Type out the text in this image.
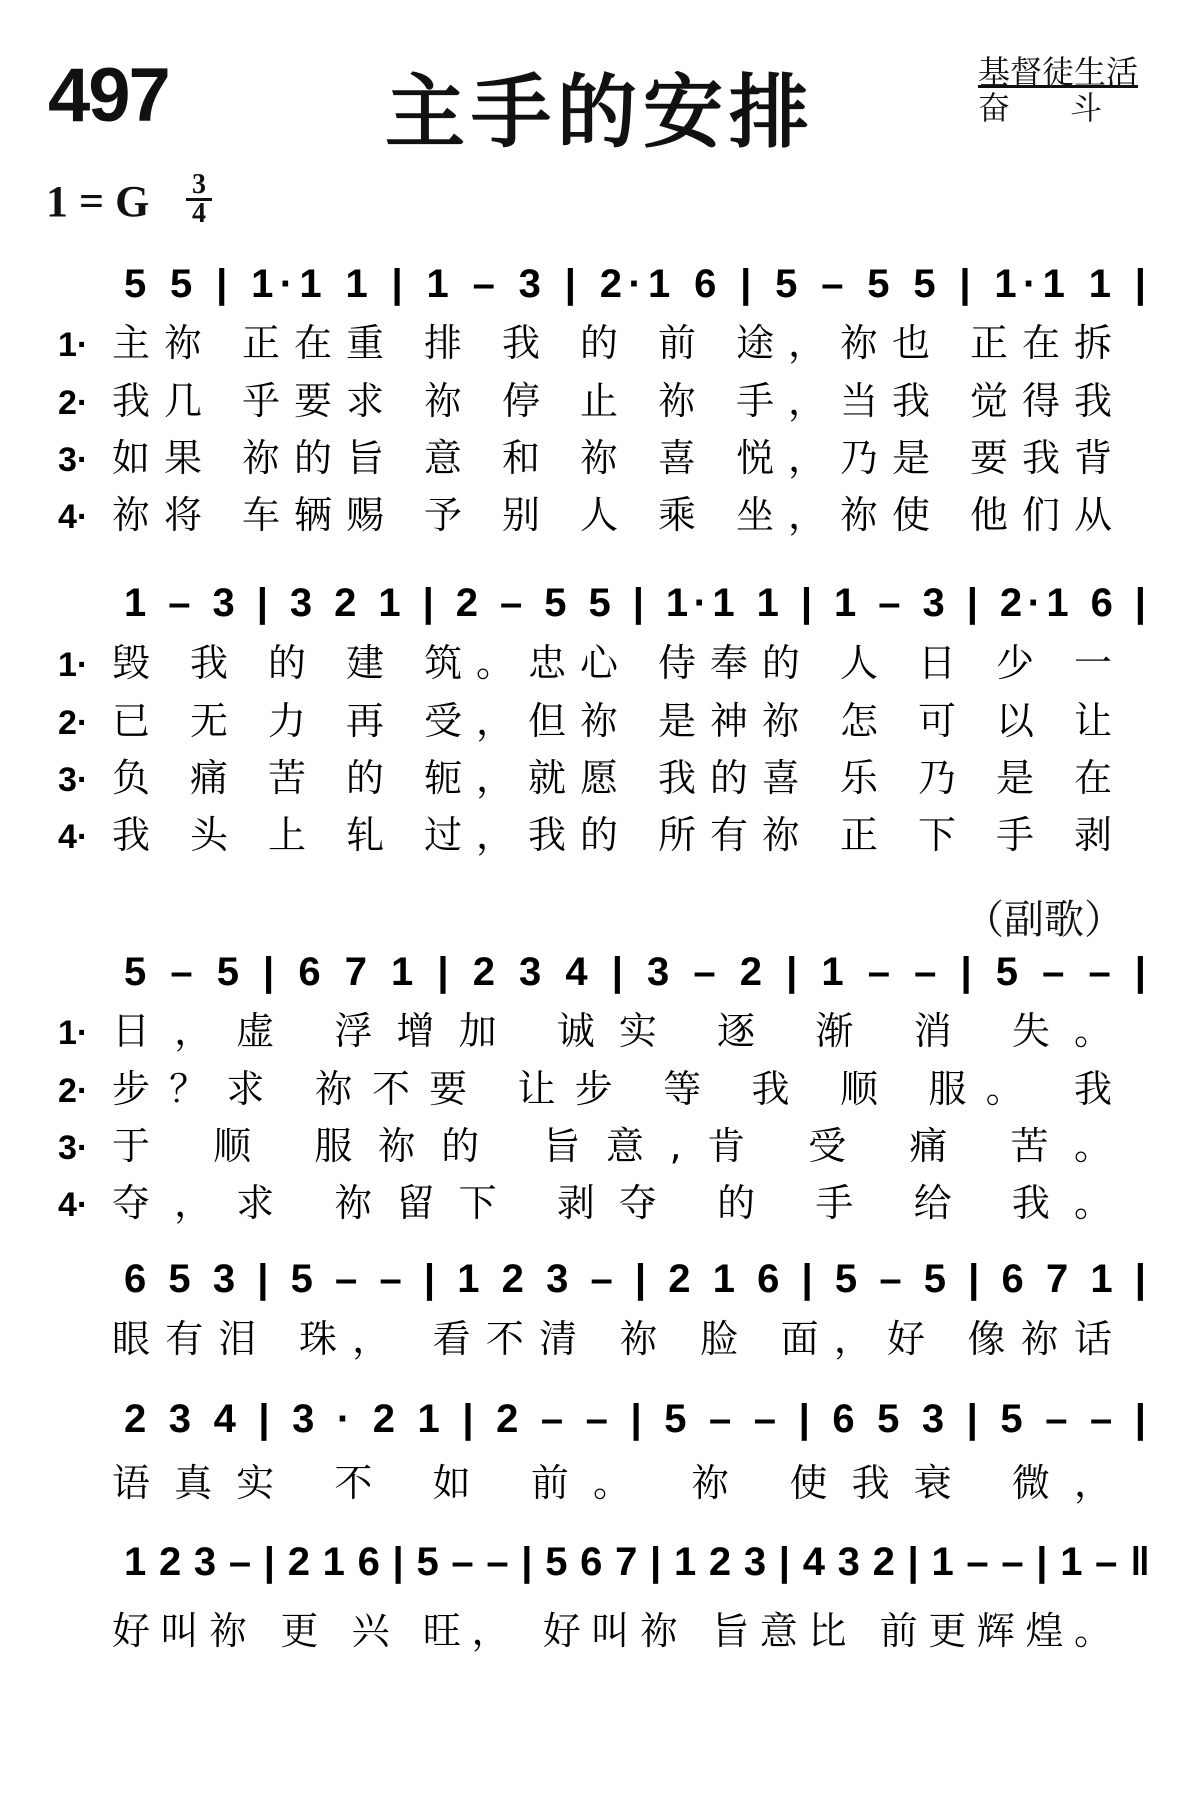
497	主手的安排	基督徒生活
奋斗
1 = G $\frac{3}{4}$
（副歌）
5 5 | 1·1 1 | 1 – 3 | 2·1 6 | 5 – 5 5 | 1·1 1 |
1· 主祢 正在重 排 我 的 前 途，祢也 正在拆
2· 我几 乎要求 祢 停 止 祢 手，当我 觉得我
3· 如果 祢的旨 意 和 祢 喜 悦，乃是 要我背
4· 祢将 车辆赐 予 别 人 乘 坐，祢使 他们从
1 – 3 | 3 2 1 | 2 – 5 5 | 1·1 1 | 1 – 3 | 2·1 6 |
1· 毁 我 的 建 筑。忠心 侍奉的 人 日 少 一
2· 已 无 力 再 受，但祢 是神祢 怎 可 以 让
3· 负 痛 苦 的 轭，就愿 我的喜 乐 乃 是 在
4· 我 头 上 轧 过，我的 所有祢 正 下 手 剥
5 – 5 | 6 7 1 | 2 3 4 | 3 – 2 | 1 – – | 5 – – |
1· 日，虚 浮增加 诚实 逐 渐 消 失。
2· 步？求 祢不要 让步 等 我 顺 服。 我
3· 于 顺 服祢的 旨意,肯 受 痛 苦。
4· 夺，求 祢留下 剥夺 的 手 给 我。
6 5 3 | 5 – – | 1 2 3 – | 2 1 6 | 5 – 5 | 6 7 1 |
眼有泪 珠， 看不清 祢 脸 面，好 像祢话
2 3 4 | 3 · 2 1 | 2 – – | 5 – – | 6 5 3 | 5 – – |
语真实 不 如 前。 祢 使我衰 微，
1 2 3 – | 2 1 6 | 5 – – | 5 6 7 | 1 2 3 | 4 3 2 | 1 – – | 1 – ‖
好叫祢 更 兴 旺， 好叫祢 旨意比 前更辉煌。
